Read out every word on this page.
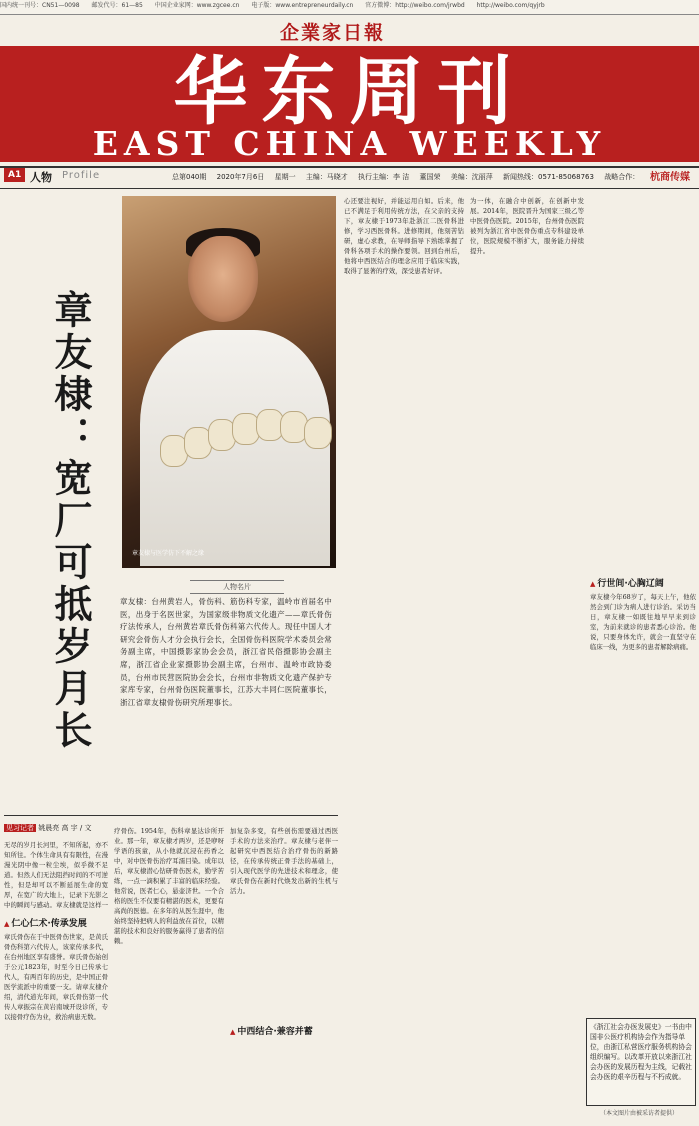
国内统一刊号：CN51—0098 邮发代号：61—85 中国企业家网：www.zgcee.cn 电子版：www.entrepreneurdaily.cn 官方微博：http://weibo.com/jrwbd http://weibo.com/qyjrb
企業家日報
华东周刊
EAST CHINA WEEKLY
A1 人物 Profile	总第040期 2020年7月6日 星期一 主编：马晓才 执行主编：李 洁 董国荣 美编：沈丽萍 新闻热线：0571-85068763 战略合作：	杭商传媒
章友棣与医学仿下不解之缘
章友棣：宽厂可抵岁月长	人物名片
章友棣：台州黄岩人，骨伤科、筋伤科专家，温岭市首届名中医，出身于名医世家，为国家级非物质文化遗产——章氏骨伤疗法传承人，台州黄岩章氏骨伤科第六代传人。现任中国人才研究会骨伤人才分会执行会长，全国骨伤科医院学术委员会常务副主席，中国摄影家协会会员，浙江省民俗摄影协会副主席，浙江省企业家摄影协会副主席，台州市、温岭市政协委员，台州市民营医院协会会长，台州市非物质文化遗产保护专家库专家，台州骨伤医院董事长，江苏大丰同仁医院董事长，浙江省章友棣骨伤研究所理事长。
见习记者 姚晨亮 高 宇 / 文
无尽的岁月长河里，不知所起，亦不知所往。个体生命具有有限性，在漫漫光阴中像一粒尘埃，似乎微不足道。但然人们无法阻挡时间的不可逆性，但是却可以不断延展生命的宽厚，在宽广的大地上，记录下光影之中的瞬间与感动。章友棣就是这样一
▲ 仁心仁术·传承发展
章氏骨伤在于中医骨伤世家，是黄氏骨伤科第六代传人，该家传承多代，在台州地区享有盛誉。章氏骨伤始创于公元1823年，时至今日已传承七代人，有两百年的历史，是中国正骨医学流派中的重要一支。请章友棣介绍，清代道光年间，章氏骨伤第一代传人章振宗在黄岩南城开设诊所，专以接骨疗伤为业，救治病患无数。
疗骨伤。1954年，伤科章显达诊所开业。那一年，章友棣才两岁，还是咿呀学语的孩童，从小他就沉浸在药香之中，对中医骨伤治疗耳濡目染。成年以后，章友棣潜心钻研骨伤医术，勤学苦练，一点一滴积累了丰富的临床经验。他常说，医者仁心，悬壶济世。一个合格的医生不仅要有精湛的医术，更要有高尚的医德。在多年的从医生涯中，他始终坚持把病人的利益放在首位，以精湛的技术和良好的服务赢得了患者的信赖。
加复杂多变，有些创伤需要通过西医手术的方法来治疗。章友棣与老伴一起研究中西医结合治疗骨伤的新路径，在传承传统正骨手法的基础上，引入现代医学的先进技术和理念，使章氏骨伤在新时代焕发出新的生机与活力。
▲ 中西结合·兼容并蓄
心还要注视好，并能运用自如。后来，他已不满足于利用传统方法，在父亲的支持下，章友棣于1973年赴浙江二医骨科进修，学习西医骨科。进修期间，他刻苦钻研，虚心求教，在导师指导下熟练掌握了骨科各项手术的操作要领。回到台州后，他将中西医结合的理念应用于临床实践，取得了显著的疗效，深受患者好评。
为一体，在融合中创新，在创新中发展。2014年，医院晋升为国家三级乙等中医骨伤医院。2015年，台州骨伤医院被列为浙江省中医骨伤重点专科建设单位，医院规模不断扩大，服务能力持续提升。
▲ 行世间·心胸辽阔
章友棣今年68岁了，每天上午，他依然会到门诊为病人进行诊治。采访当日，章友棣一如既往地早早来到诊室，为前来就诊的患者悉心诊治。他说，只要身体允许，就会一直坚守在临床一线，为更多的患者解除病痛。
《浙江社会办医发展史》一书由中国非公医疗机构协会作为指导单位，由浙江私营医疗服务机构协会组织编写。以改革开放以来浙江社会办医的发展历程为主线，记载社会办医的艰辛历程与不朽成就。
（本文图片由被采访者提供）
